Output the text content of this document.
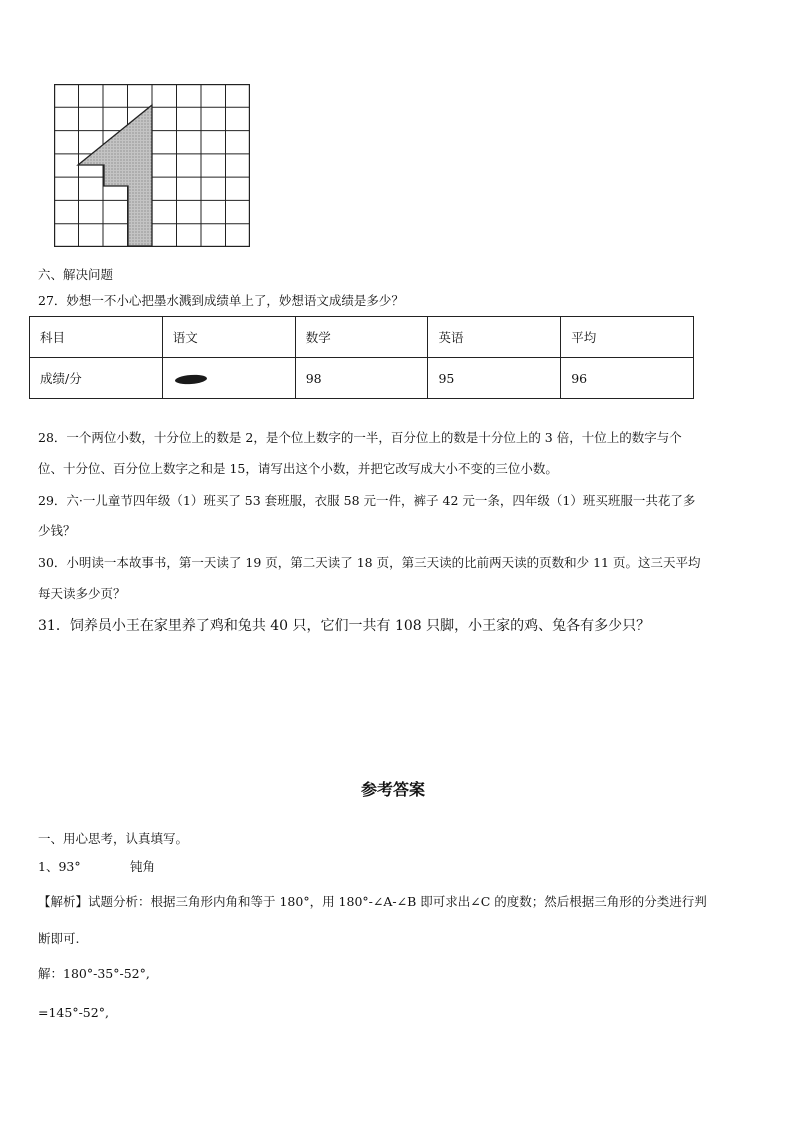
六、解决问题
27．妙想一不小心把墨水溅到成绩单上了，妙想语文成绩是多少？
科目	语文	数学	英语	平均
成绩/分		98	95	96
28．一个两位小数，十分位上的数是 2，是个位上数字的一半，百分位上的数是十分位上的 3 倍，十位上的数字与个
位、十分位、百分位上数字之和是 15，请写出这个小数，并把它改写成大小不变的三位小数。
29．六·一儿童节四年级（1）班买了 53 套班服，衣服 58 元一件，裤子 42 元一条，四年级（1）班买班服一共花了多
少钱？
30．小明读一本故事书，第一天读了 19 页，第二天读了 18 页，第三天读的比前两天读的页数和少 11 页。这三天平均
每天读多少页？
31．饲养员小王在家里养了鸡和兔共 40 只，它们一共有 108 只脚，小王家的鸡、兔各有多少只？
参考答案
一、用心思考，认真填写。
1、93°	钝角
【解析】试题分析：根据三角形内角和等于 180°，用 180°-∠A-∠B 即可求出∠C 的度数；然后根据三角形的分类进行判
断即可.
解：180°-35°-52°,
=145°-52°,
